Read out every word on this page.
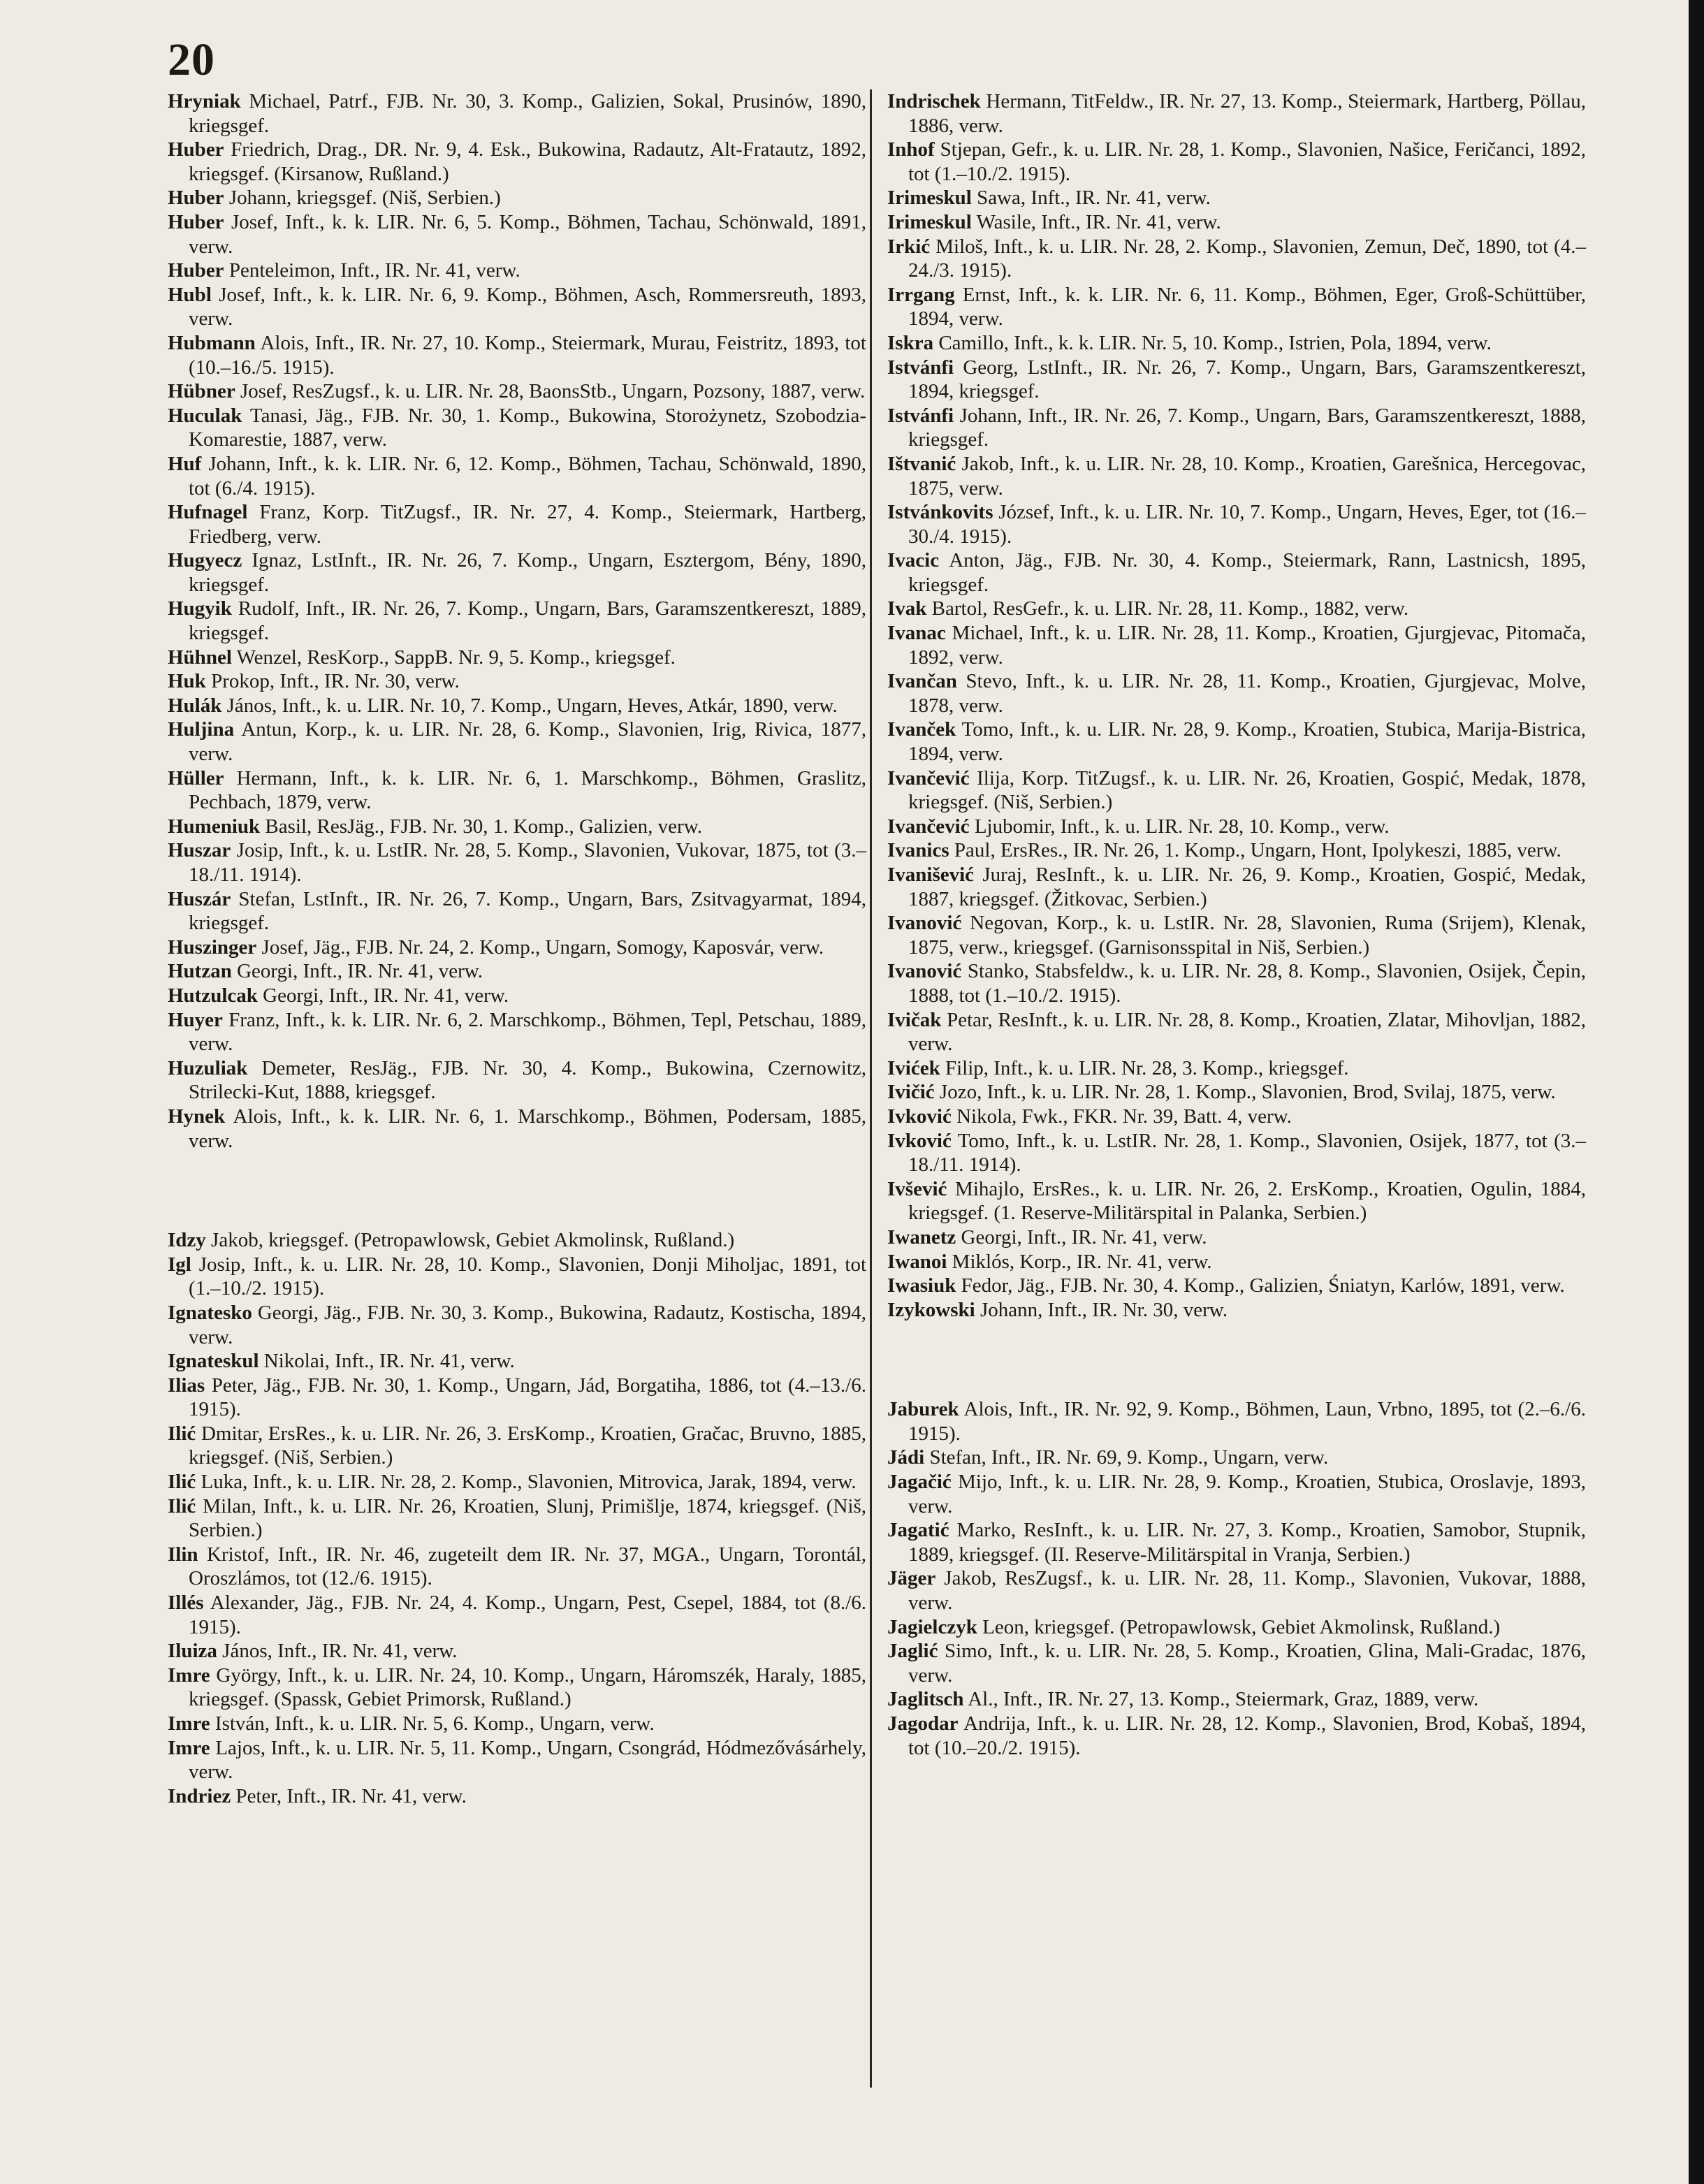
20

Hryniak Michael, Patrf., FJB. Nr. 30, 3. Komp., Galizien, Sokal, Prusinów, 1890, kriegsgef.

Huber Friedrich, Drag., DR. Nr. 9, 4. Esk., Bukowina, Radautz, Alt-Fratautz, 1892, kriegsgef. (Kirsanow, Rußland.)

Huber Johann, kriegsgef. (Niš, Serbien.)

Huber Josef, Inft., k. k. LIR. Nr. 6, 5. Komp., Böhmen, Tachau, Schönwald, 1891, verw.

Huber Penteleimon, Inft., IR. Nr. 41, verw.

Hubl Josef, Inft., k. k. LIR. Nr. 6, 9. Komp., Böhmen, Asch, Rommersreuth, 1893, verw.

Hubmann Alois, Inft., IR. Nr. 27, 10. Komp., Steiermark, Murau, Feistritz, 1893, tot (10.–16./5. 1915).

Hübner Josef, ResZugsf., k. u. LIR. Nr. 28, BaonsStb., Ungarn, Pozsony, 1887, verw.

Huculak Tanasi, Jäg., FJB. Nr. 30, 1. Komp., Bukowina, Storożynetz, Szobodzia-Komarestie, 1887, verw.

Huf Johann, Inft., k. k. LIR. Nr. 6, 12. Komp., Böhmen, Tachau, Schönwald, 1890, tot (6./4. 1915).

Hufnagel Franz, Korp. TitZugsf., IR. Nr. 27, 4. Komp., Steiermark, Hartberg, Friedberg, verw.

Hugyecz Ignaz, LstInft., IR. Nr. 26, 7. Komp., Ungarn, Esztergom, Bény, 1890, kriegsgef.

Hugyik Rudolf, Inft., IR. Nr. 26, 7. Komp., Ungarn, Bars, Garamszentkereszt, 1889, kriegsgef.

Hühnel Wenzel, ResKorp., SappB. Nr. 9, 5. Komp., kriegsgef.

Huk Prokop, Inft., IR. Nr. 30, verw.

Hulák János, Inft., k. u. LIR. Nr. 10, 7. Komp., Ungarn, Heves, Atkár, 1890, verw.

Huljina Antun, Korp., k. u. LIR. Nr. 28, 6. Komp., Slavonien, Irig, Rivica, 1877, verw.

Hüller Hermann, Inft., k. k. LIR. Nr. 6, 1. Marschkomp., Böhmen, Graslitz, Pechbach, 1879, verw.

Humeniuk Basil, ResJäg., FJB. Nr. 30, 1. Komp., Galizien, verw.

Huszar Josip, Inft., k. u. LstIR. Nr. 28, 5. Komp., Slavonien, Vukovar, 1875, tot (3.–18./11. 1914).

Huszár Stefan, LstInft., IR. Nr. 26, 7. Komp., Ungarn, Bars, Zsitvagyarmat, 1894, kriegsgef.

Huszinger Josef, Jäg., FJB. Nr. 24, 2. Komp., Ungarn, Somogy, Kaposvár, verw.

Hutzan Georgi, Inft., IR. Nr. 41, verw.

Hutzulcak Georgi, Inft., IR. Nr. 41, verw.

Huyer Franz, Inft., k. k. LIR. Nr. 6, 2. Marschkomp., Böhmen, Tepl, Petschau, 1889, verw.

Huzuliak Demeter, ResJäg., FJB. Nr. 30, 4. Komp., Bukowina, Czernowitz, Strilecki-Kut, 1888, kriegsgef.

Hynek Alois, Inft., k. k. LIR. Nr. 6, 1. Marschkomp., Böhmen, Podersam, 1885, verw.

Idzy Jakob, kriegsgef. (Petropawlowsk, Gebiet Akmolinsk, Rußland.)

Igl Josip, Inft., k. u. LIR. Nr. 28, 10. Komp., Slavonien, Donji Miholjac, 1891, tot (1.–10./2. 1915).

Ignatesko Georgi, Jäg., FJB. Nr. 30, 3. Komp., Bukowina, Radautz, Kostischa, 1894, verw.

Ignateskul Nikolai, Inft., IR. Nr. 41, verw.

Ilias Peter, Jäg., FJB. Nr. 30, 1. Komp., Ungarn, Jád, Borgatiha, 1886, tot (4.–13./6. 1915).

Ilić Dmitar, ErsRes., k. u. LIR. Nr. 26, 3. ErsKomp., Kroatien, Gračac, Bruvno, 1885, kriegsgef. (Niš, Serbien.)

Ilić Luka, Inft., k. u. LIR. Nr. 28, 2. Komp., Slavonien, Mitrovica, Jarak, 1894, verw.

Ilić Milan, Inft., k. u. LIR. Nr. 26, Kroatien, Slunj, Primišlje, 1874, kriegsgef. (Niš, Serbien.)

Ilin Kristof, Inft., IR. Nr. 46, zugeteilt dem IR. Nr. 37, MGA., Ungarn, Torontál, Oroszlámos, tot (12./6. 1915).

Illés Alexander, Jäg., FJB. Nr. 24, 4. Komp., Ungarn, Pest, Csepel, 1884, tot (8./6. 1915).

Iluiza János, Inft., IR. Nr. 41, verw.

Imre György, Inft., k. u. LIR. Nr. 24, 10. Komp., Ungarn, Háromszék, Haraly, 1885, kriegsgef. (Spassk, Gebiet Primorsk, Rußland.)

Imre István, Inft., k. u. LIR. Nr. 5, 6. Komp., Ungarn, verw.

Imre Lajos, Inft., k. u. LIR. Nr. 5, 11. Komp., Ungarn, Csongrád, Hódmezővásárhely, verw.

Indriez Peter, Inft., IR. Nr. 41, verw.

Indrischek Hermann, TitFeldw., IR. Nr. 27, 13. Komp., Steiermark, Hartberg, Pöllau, 1886, verw.

Inhof Stjepan, Gefr., k. u. LIR. Nr. 28, 1. Komp., Slavonien, Našice, Feričanci, 1892, tot (1.–10./2. 1915).

Irimeskul Sawa, Inft., IR. Nr. 41, verw.

Irimeskul Wasile, Inft., IR. Nr. 41, verw.

Irkić Miloš, Inft., k. u. LIR. Nr. 28, 2. Komp., Slavonien, Zemun, Deč, 1890, tot (4.–24./3. 1915).

Irrgang Ernst, Inft., k. k. LIR. Nr. 6, 11. Komp., Böhmen, Eger, Groß-Schüttüber, 1894, verw.

Iskra Camillo, Inft., k. k. LIR. Nr. 5, 10. Komp., Istrien, Pola, 1894, verw.

Istvánfi Georg, LstInft., IR. Nr. 26, 7. Komp., Ungarn, Bars, Garamszentkereszt, 1894, kriegsgef.

Istvánfi Johann, Inft., IR. Nr. 26, 7. Komp., Ungarn, Bars, Garamszentkereszt, 1888, kriegsgef.

Ištvanić Jakob, Inft., k. u. LIR. Nr. 28, 10. Komp., Kroatien, Garešnica, Hercegovac, 1875, verw.

Istvánkovits József, Inft., k. u. LIR. Nr. 10, 7. Komp., Ungarn, Heves, Eger, tot (16.–30./4. 1915).

Ivacic Anton, Jäg., FJB. Nr. 30, 4. Komp., Steiermark, Rann, Lastnicsh, 1895, kriegsgef.

Ivak Bartol, ResGefr., k. u. LIR. Nr. 28, 11. Komp., 1882, verw.

Ivanac Michael, Inft., k. u. LIR. Nr. 28, 11. Komp., Kroatien, Gjurgjevac, Pitomača, 1892, verw.

Ivančan Stevo, Inft., k. u. LIR. Nr. 28, 11. Komp., Kroatien, Gjurgjevac, Molve, 1878, verw.

Ivanček Tomo, Inft., k. u. LIR. Nr. 28, 9. Komp., Kroatien, Stubica, Marija-Bistrica, 1894, verw.

Ivančević Ilija, Korp. TitZugsf., k. u. LIR. Nr. 26, Kroatien, Gospić, Medak, 1878, kriegsgef. (Niš, Serbien.)

Ivančević Ljubomir, Inft., k. u. LIR. Nr. 28, 10. Komp., verw.

Ivanics Paul, ErsRes., IR. Nr. 26, 1. Komp., Ungarn, Hont, Ipolykeszi, 1885, verw.

Ivanišević Juraj, ResInft., k. u. LIR. Nr. 26, 9. Komp., Kroatien, Gospić, Medak, 1887, kriegsgef. (Žitkovac, Serbien.)

Ivanović Negovan, Korp., k. u. LstIR. Nr. 28, Slavonien, Ruma (Srijem), Klenak, 1875, verw., kriegsgef. (Garnisonsspital in Niš, Serbien.)

Ivanović Stanko, Stabsfeldw., k. u. LIR. Nr. 28, 8. Komp., Slavonien, Osijek, Čepin, 1888, tot (1.–10./2. 1915).

Ivičak Petar, ResInft., k. u. LIR. Nr. 28, 8. Komp., Kroatien, Zlatar, Mihovljan, 1882, verw.

Ivićek Filip, Inft., k. u. LIR. Nr. 28, 3. Komp., kriegsgef.

Ivičić Jozo, Inft., k. u. LIR. Nr. 28, 1. Komp., Slavonien, Brod, Svilaj, 1875, verw.

Ivković Nikola, Fwk., FKR. Nr. 39, Batt. 4, verw.

Ivković Tomo, Inft., k. u. LstIR. Nr. 28, 1. Komp., Slavonien, Osijek, 1877, tot (3.–18./11. 1914).

Ivšević Mihajlo, ErsRes., k. u. LIR. Nr. 26, 2. ErsKomp., Kroatien, Ogulin, 1884, kriegsgef. (1. Reserve-Militärspital in Palanka, Serbien.)

Iwanetz Georgi, Inft., IR. Nr. 41, verw.

Iwanoi Miklós, Korp., IR. Nr. 41, verw.

Iwasiuk Fedor, Jäg., FJB. Nr. 30, 4. Komp., Galizien, Śniatyn, Karlów, 1891, verw.

Izykowski Johann, Inft., IR. Nr. 30, verw.

Jaburek Alois, Inft., IR. Nr. 92, 9. Komp., Böhmen, Laun, Vrbno, 1895, tot (2.–6./6. 1915).

Jádi Stefan, Inft., IR. Nr. 69, 9. Komp., Ungarn, verw.

Jagačić Mijo, Inft., k. u. LIR. Nr. 28, 9. Komp., Kroatien, Stubica, Oroslavje, 1893, verw.

Jagatić Marko, ResInft., k. u. LIR. Nr. 27, 3. Komp., Kroatien, Samobor, Stupnik, 1889, kriegsgef. (II. Reserve-Militärspital in Vranja, Serbien.)

Jäger Jakob, ResZugsf., k. u. LIR. Nr. 28, 11. Komp., Slavonien, Vukovar, 1888, verw.

Jagielczyk Leon, kriegsgef. (Petropawlowsk, Gebiet Akmolinsk, Rußland.)

Jaglić Simo, Inft., k. u. LIR. Nr. 28, 5. Komp., Kroatien, Glina, Mali-Gradac, 1876, verw.

Jaglitsch Al., Inft., IR. Nr. 27, 13. Komp., Steiermark, Graz, 1889, verw.

Jagodar Andrija, Inft., k. u. LIR. Nr. 28, 12. Komp., Slavonien, Brod, Kobaš, 1894, tot (10.–20./2. 1915).
